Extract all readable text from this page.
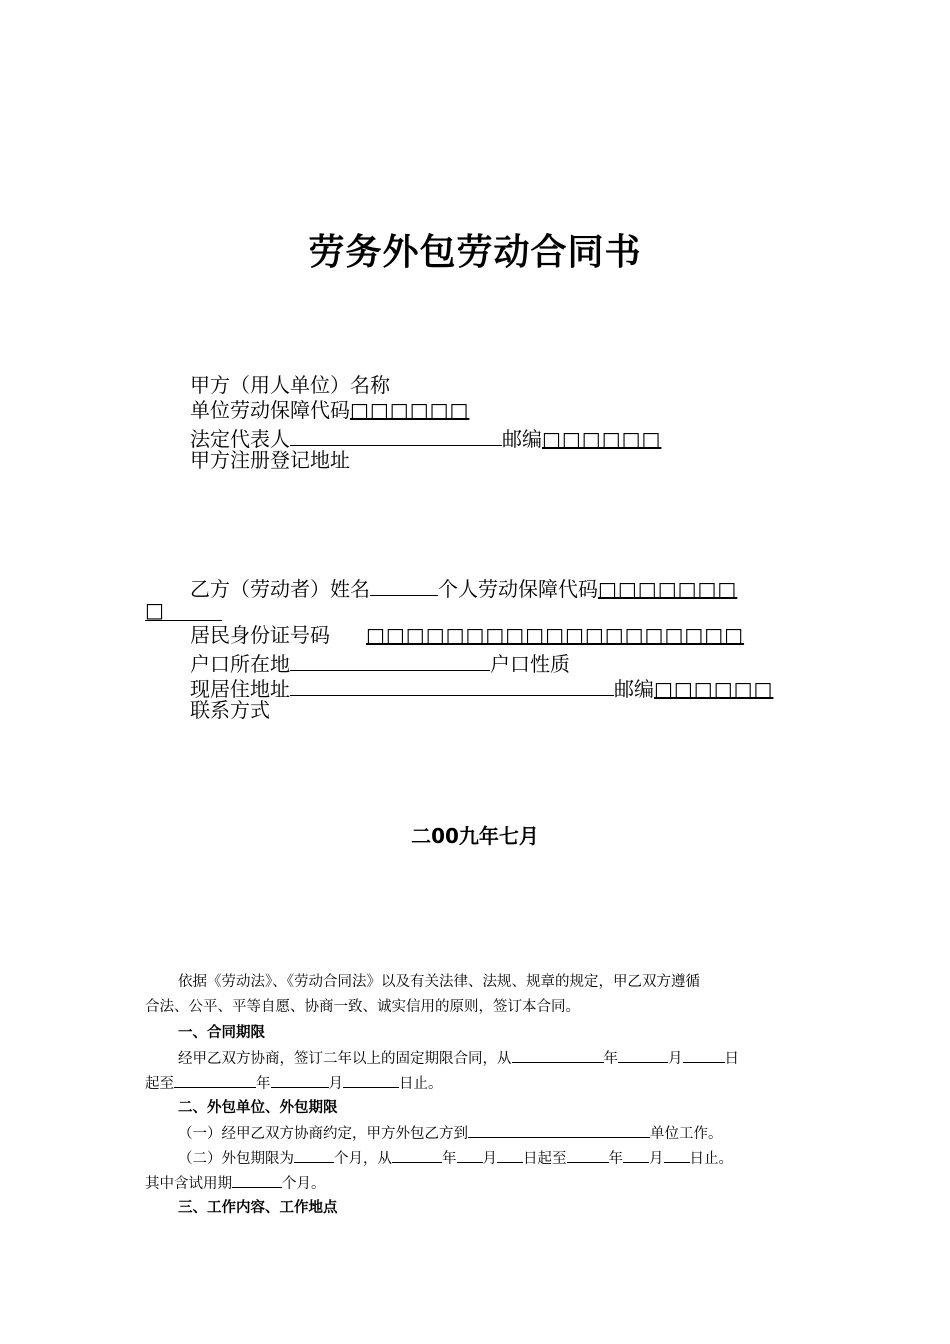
劳务外包劳动合同书
甲方（用人单位）名称
单位劳动保障代码□□□□□□
法定代表人	邮编□□□□□□
甲方注册登记地址
乙方（劳动者）姓名	个人劳动保障代码□□□□□□□
□
居民身份证号码 □□□□□□□□□□□□□□□□□□□
户口所在地	户口性质
现居住地址	邮编□□□□□□
联系方式
二00九年七月
依据《劳动法》、《劳动合同法》以及有关法律、法规、规章的规定，甲乙双方遵循
合法、公平、平等自愿、协商一致、诚实信用的原则，签订本合同。
一、合同期限
经甲乙双方协商，签订二年以上的固定期限合同，从	年	月	日
起至	年	月	日止。
二、外包单位、外包期限
（一）经甲乙双方协商约定，甲方外包乙方到	单位工作。
（二）外包期限为	个月，从	年 月 日起至	年 月 日止。
其中含试用期	个月。
三、工作内容、工作地点
